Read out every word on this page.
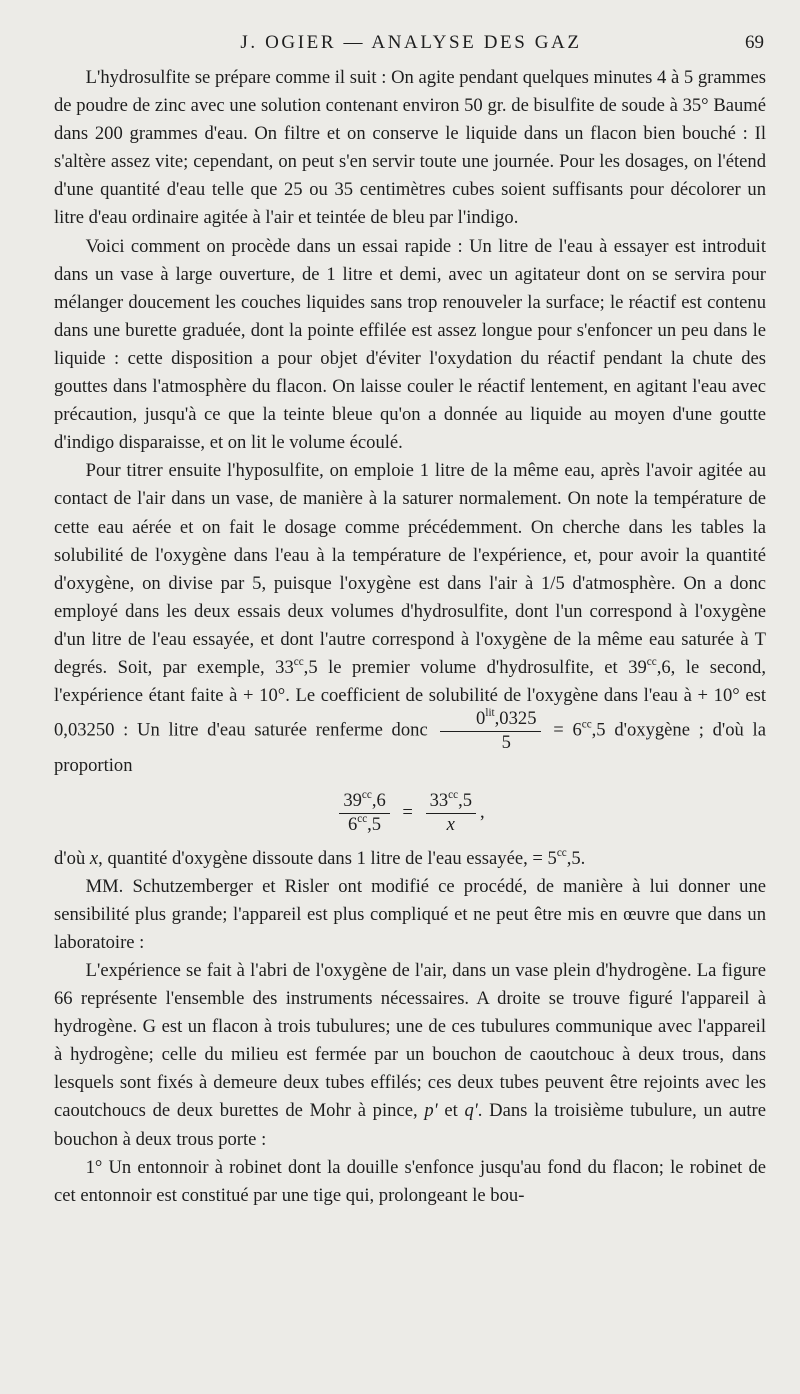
J. OGIER — ANALYSE DES GAZ	69

L'hydrosulfite se prépare comme il suit : On agite pendant quelques minutes 4 à 5 grammes de poudre de zinc avec une solution contenant environ 50 gr. de bisulfite de soude à 35° Baumé dans 200 grammes d'eau. On filtre et on conserve le liquide dans un flacon bien bouché : Il s'altère assez vite; cependant, on peut s'en servir toute une journée. Pour les dosages, on l'étend d'une quantité d'eau telle que 25 ou 35 centimètres cubes soient suffisants pour décolorer un litre d'eau ordinaire agitée à l'air et teintée de bleu par l'indigo.

Voici comment on procède dans un essai rapide : Un litre de l'eau à essayer est introduit dans un vase à large ouverture, de 1 litre et demi, avec un agitateur dont on se servira pour mélanger doucement les couches liquides sans trop renouveler la surface; le réactif est contenu dans une burette graduée, dont la pointe effilée est assez longue pour s'enfoncer un peu dans le liquide : cette disposition a pour objet d'éviter l'oxydation du réactif pendant la chute des gouttes dans l'atmosphère du flacon. On laisse couler le réactif lentement, en agitant l'eau avec précaution, jusqu'à ce que la teinte bleue qu'on a donnée au liquide au moyen d'une goutte d'indigo disparaisse, et on lit le volume écoulé.

Pour titrer ensuite l'hyposulfite, on emploie 1 litre de la même eau, après l'avoir agitée au contact de l'air dans un vase, de manière à la saturer normalement. On note la température de cette eau aérée et on fait le dosage comme précédemment. On cherche dans les tables la solubilité de l'oxygène dans l'eau à la température de l'expérience, et, pour avoir la quantité d'oxygène, on divise par 5, puisque l'oxygène est dans l'air à 1/5 d'atmosphère. On a donc employé dans les deux essais deux volumes d'hydrosulfite, dont l'un correspond à l'oxygène d'un litre de l'eau essayée, et dont l'autre correspond à l'oxygène de la même eau saturée à T degrés. Soit, par exemple, $33^{cc},5$ le premier volume d'hydrosulfite, et $39^{cc},6$, le second, l'expérience étant faite à + 10°. Le coefficient de solubilité de l'oxygène dans l'eau à + 10° est 0,03250 : Un litre d'eau saturée renferme donc $\frac{0^{lit},0325}{5} = 6^{cc},5$ d'oxygène ; d'où la proportion

$\frac{39^{cc},6}{6^{cc},5} = \frac{33^{cc},5}{x}$ ,

d'où x, quantité d'oxygène dissoute dans 1 litre de l'eau essayée, = $5^{cc},5$.

MM. Schutzemberger et Risler ont modifié ce procédé, de manière à lui donner une sensibilité plus grande; l'appareil est plus compliqué et ne peut être mis en œuvre que dans un laboratoire :

L'expérience se fait à l'abri de l'oxygène de l'air, dans un vase plein d'hydrogène. La figure 66 représente l'ensemble des instruments nécessaires. A droite se trouve figuré l'appareil à hydrogène. G est un flacon à trois tubulures; une de ces tubulures communique avec l'appareil à hydrogène; celle du milieu est fermée par un bouchon de caoutchouc à deux trous, dans lesquels sont fixés à demeure deux tubes effilés; ces deux tubes peuvent être rejoints avec les caoutchoucs de deux burettes de Mohr à pince, p' et q'. Dans la troisième tubulure, un autre bouchon à deux trous porte :

1° Un entonnoir à robinet dont la douille s'enfonce jusqu'au fond du flacon; le robinet de cet entonnoir est constitué par une tige qui, prolongeant le bou-
